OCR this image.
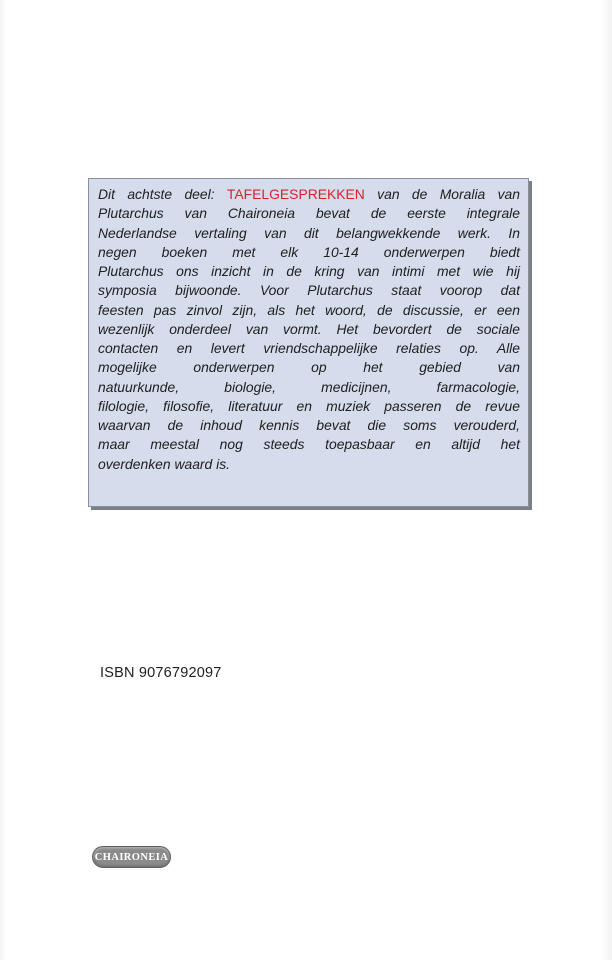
Dit achtste deel: TAFELGESPREKKEN van de Moralia van
Plutarchus van Chaironeia bevat de eerste integrale
Nederlandse vertaling van dit belangwekkende werk. In
negen boeken met elk 10-14 onderwerpen biedt
Plutarchus ons inzicht in de kring van intimi met wie hij
symposia bijwoonde. Voor Plutarchus staat voorop dat
feesten pas zinvol zijn, als het woord, de discussie, er een
wezenlijk onderdeel van vormt. Het bevordert de sociale
contacten en levert vriendschappelijke relaties op. Alle
mogelijke onderwerpen op het gebied van
natuurkunde, biologie, medicijnen, farmacologie,
filologie, filosofie, literatuur en muziek passeren de revue
waarvan de inhoud kennis bevat die soms verouderd,
maar meestal nog steeds toepasbaar en altijd het
overdenken waard is.

ISBN 9076792097
CHAIRONEIA
